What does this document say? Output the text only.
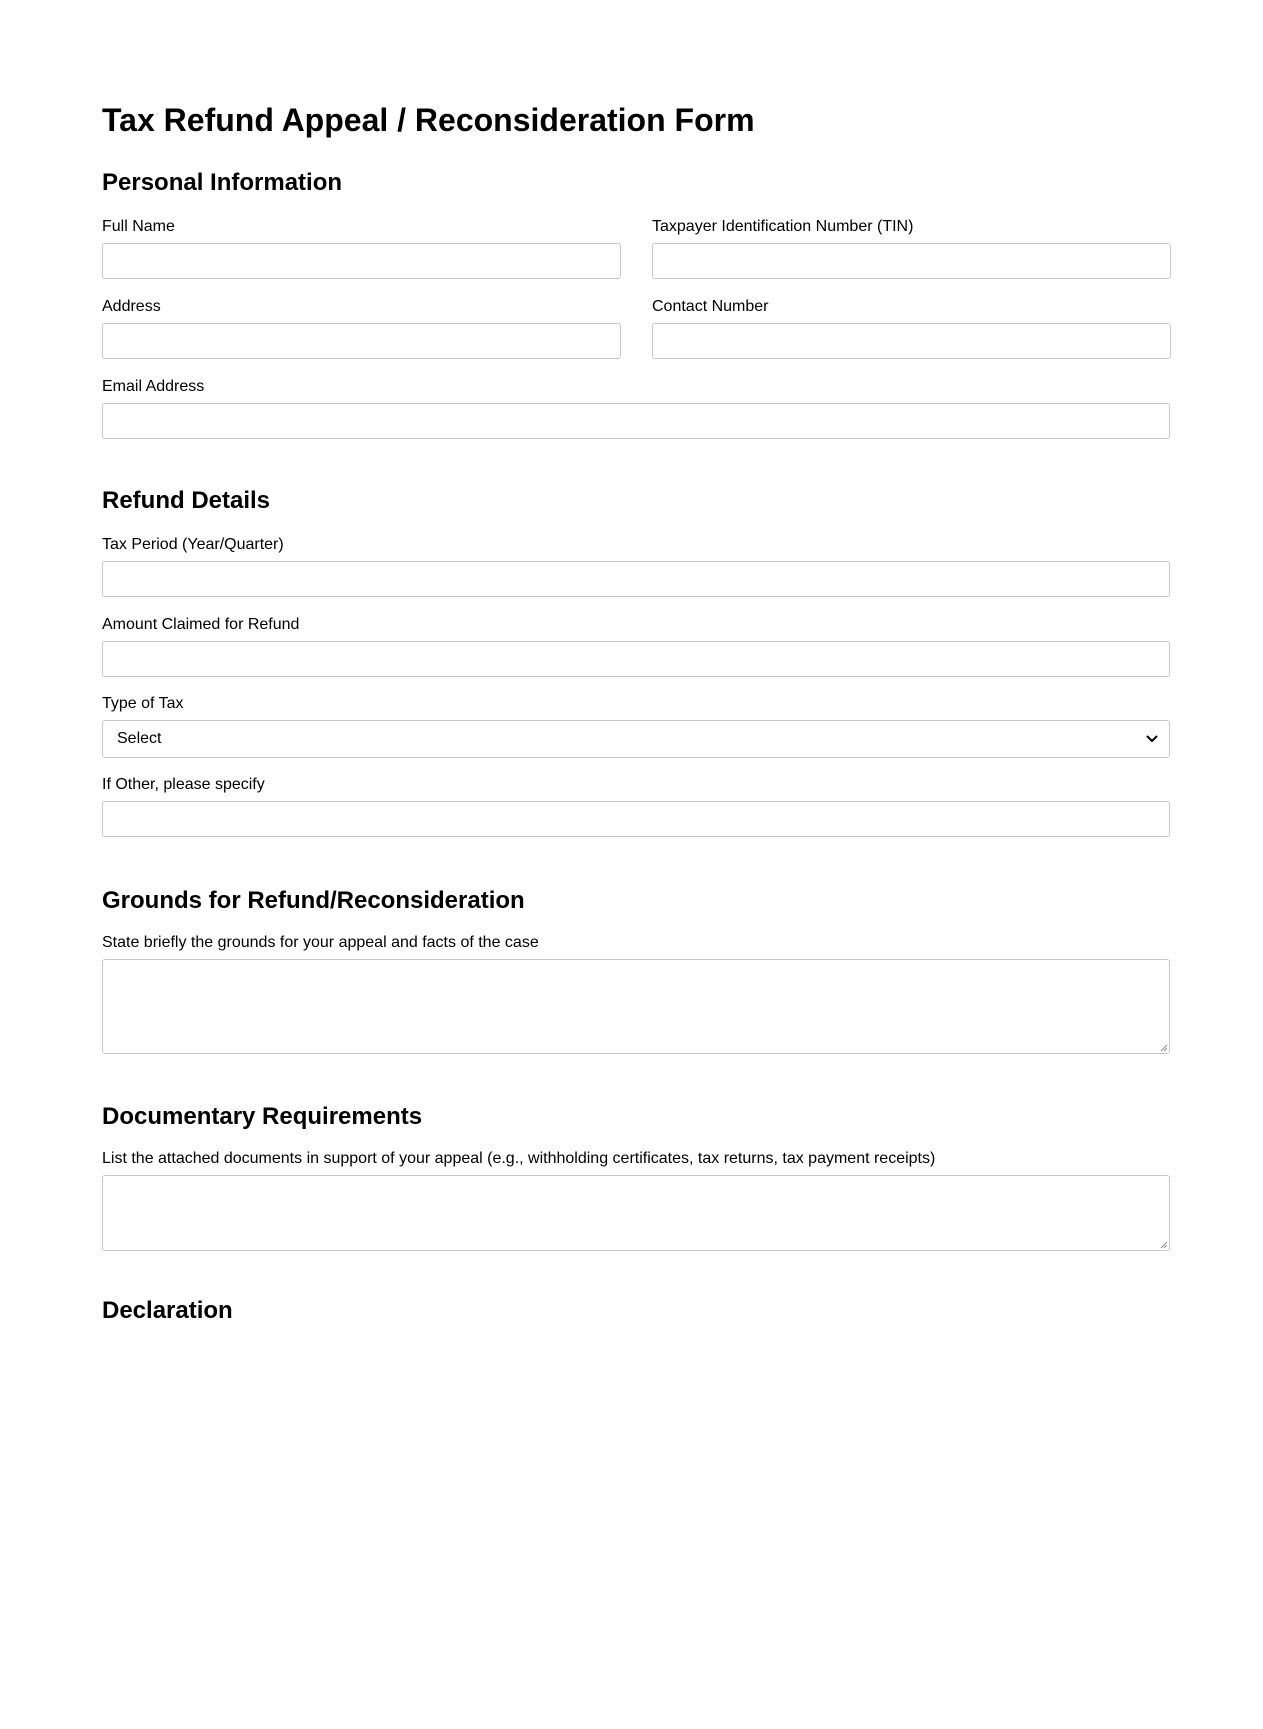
Tax Refund Appeal / Reconsideration Form
Personal Information
Full Name	Taxpayer Identification Number (TIN)
Address	Contact Number
Email Address
Refund Details
Tax Period (Year/Quarter)
Amount Claimed for Refund
Type of Tax
Select
If Other, please specify
Grounds for Refund/Reconsideration
State briefly the grounds for your appeal and facts of the case
Documentary Requirements
List the attached documents in support of your appeal (e.g., withholding certificates, tax returns, tax payment receipts)
Declaration
